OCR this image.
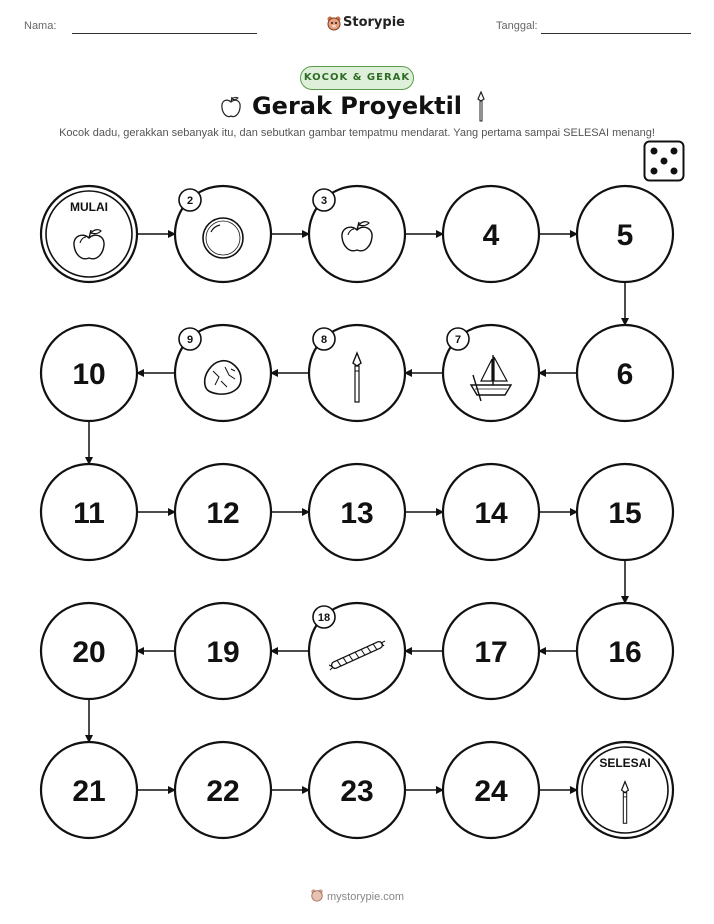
Nama:	Storypie	Tanggal:
KOCOK & GERAK
Gerak Proyektil
Kocok dadu, gerakkan sebanyak itu, dan sebutkan gambar tempatmu mendarat. Yang pertama sampai SELESAI menang!
MULAI	2	3
4	5
6
7
8
9
10
11	12	13	14	15
16
17
18
19
20
21	22	23	24
SELESAI
mystorypie.com
